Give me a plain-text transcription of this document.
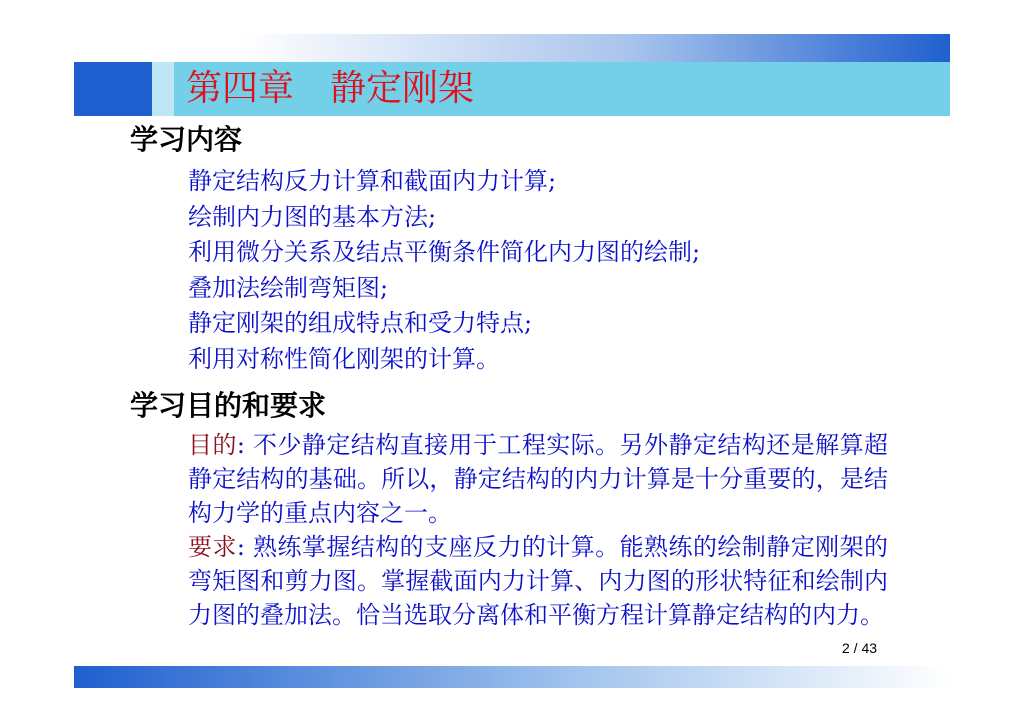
第四章　静定刚架
学习内容
静定结构反力计算和截面内力计算;
绘制内力图的基本方法;
利用微分关系及结点平衡条件简化内力图的绘制;
叠加法绘制弯矩图;
静定刚架的组成特点和受力特点;
利用对称性简化刚架的计算。
学习目的和要求

目的: 不少静定结构直接用于工程实际。另外静定结构还是解算超静定结构的基础。所以，静定结构的内力计算是十分重要的，是结构力学的重点内容之一。

要求: 熟练掌握结构的支座反力的计算。能熟练的绘制静定刚架的弯矩图和剪力图。掌握截面内力计算、内力图的形状特征和绘制内力图的叠加法。恰当选取分离体和平衡方程计算静定结构的内力。

2 / 43
